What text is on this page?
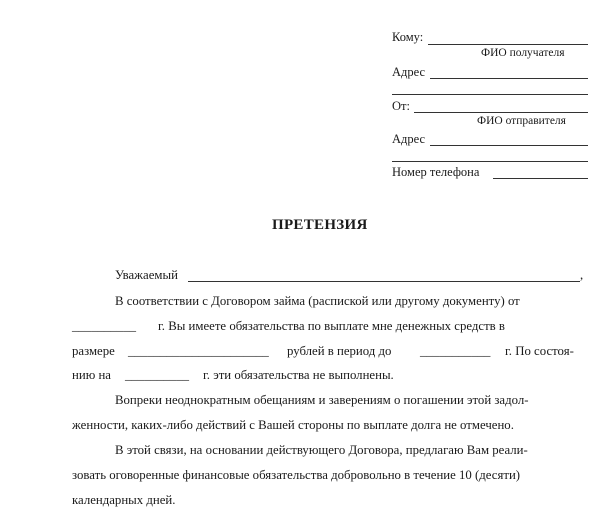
Кому:
ФИО получателя
Адрес
От:
ФИО отправителя
Адрес
Номер телефона
ПРЕТЕНЗИЯ
Уважаемый	,
В соответствии с Договором займа (распиской или другому документу) от
__________ г. Вы имеете обязательства по выплате мне денежных средств в
размере ______________________ рублей в период до ___________ г. По состоя-
нию на __________ г. эти обязательства не выполнены.
Вопреки неоднократным обещаниям и заверениям о погашении этой задол-
женности, каких-либо действий с Вашей стороны по выплате долга не отмечено.
В этой связи, на основании действующего Договора, предлагаю Вам реали-
зовать оговоренные финансовые обязательства добровольно в течение 10 (десяти)
календарных дней.
